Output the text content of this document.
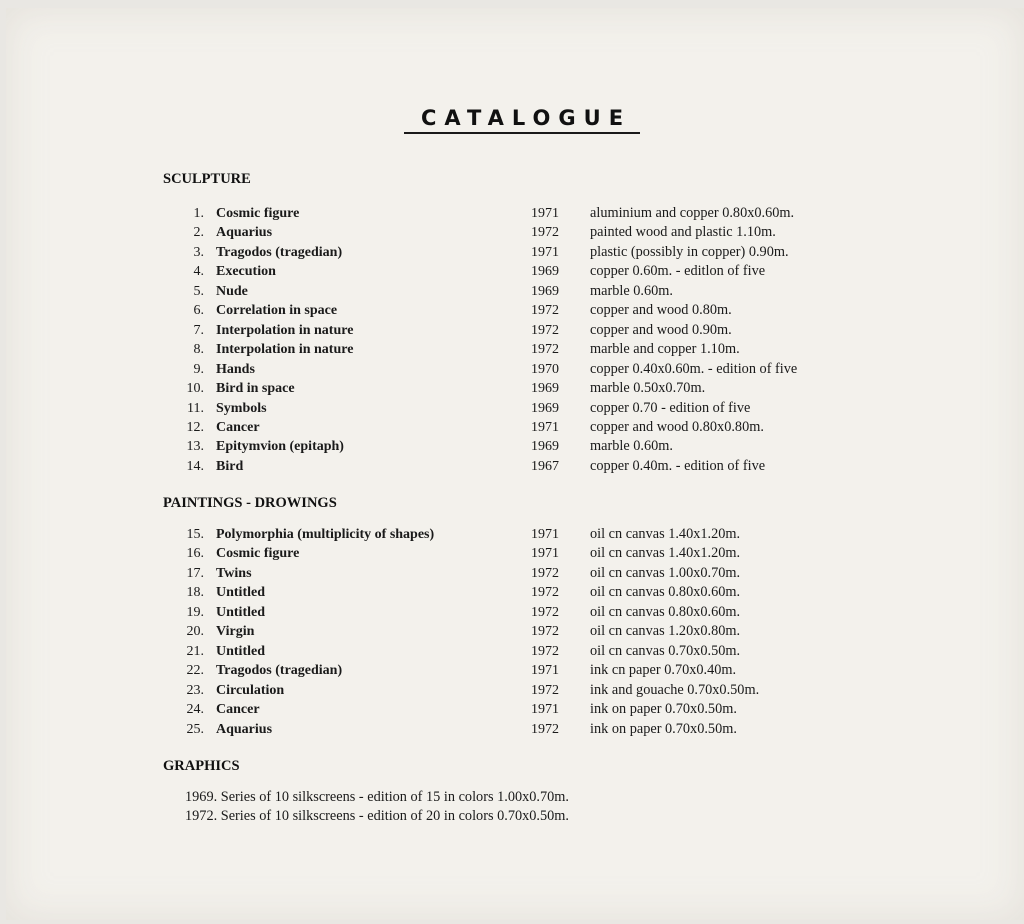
CATALOGUE
SCULPTURE
1. Cosmic figure	1971 aluminium and copper 0.80x0.60m.
2. Aquarius	1972 painted wood and plastic 1.10m.
3. Tragodos (tragedian)	1971 plastic (possibly in copper) 0.90m.
4. Execution	1969 copper 0.60m. - editlon of five
5. Nude	1969 marble 0.60m.
6. Correlation in space	1972 copper and wood 0.80m.
7. Interpolation in nature	1972 copper and wood 0.90m.
8. Interpolation in nature	1972 marble and copper 1.10m.
9. Hands	1970 copper 0.40x0.60m. - edition of five
10. Bird in space	1969 marble 0.50x0.70m.
11. Symbols	1969 copper 0.70 - edition of five
12. Cancer	1971 copper and wood 0.80x0.80m.
13. Epitymvion (epitaph)	1969 marble 0.60m.
14. Bird	1967 copper 0.40m. - edition of five
PAINTINGS - DROWINGS
15. Polymorphia (multiplicity of shapes)	1971 oil cn canvas 1.40x1.20m.
16. Cosmic figure	1971 oil cn canvas 1.40x1.20m.
17. Twins	1972 oil cn canvas 1.00x0.70m.
18. Untitled	1972 oil cn canvas 0.80x0.60m.
19. Untitled	1972 oil cn canvas 0.80x0.60m.
20. Virgin	1972 oil cn canvas 1.20x0.80m.
21. Untitled	1972 oil cn canvas 0.70x0.50m.
22. Tragodos (tragedian)	1971 ink cn paper 0.70x0.40m.
23. Circulation	1972 ink and gouache 0.70x0.50m.
24. Cancer	1971 ink on paper 0.70x0.50m.
25. Aquarius	1972 ink on paper 0.70x0.50m.
GRAPHICS
1969. Series of 10 silkscreens - edition of 15 in colors 1.00x0.70m.
1972. Series of 10 silkscreens - edition of 20 in colors 0.70x0.50m.
